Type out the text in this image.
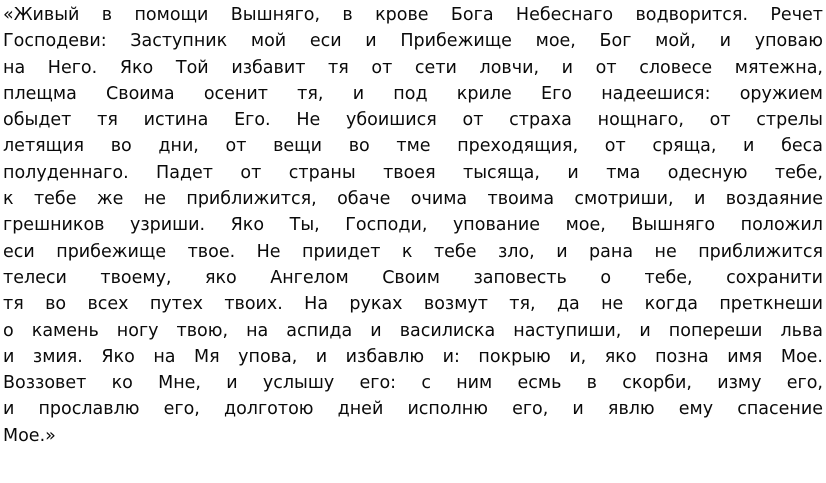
«Живый в помощи Вышняго, в крове Бога Небеснаго водворится. Речет
Господеви: Заступник мой еси и Прибежище мое, Бог мой, и уповаю
на Него. Яко Той избавит тя от сети ловчи, и от словесе мятежна,
плещма Своима осенит тя, и под криле Его надеешися: оружием
обыдет тя истина Его. Не убоишися от страха нощнаго, от стрелы
летящия во дни, от вещи во тме преходящия, от сряща, и беса
полуденнаго. Падет от страны твоея тысяща, и тма одесную тебе,
к тебе же не приближится, обаче очима твоима смотриши, и воздаяние
грешников узриши. Яко Ты, Господи, упование мое, Вышняго положил
еси прибежище твое. Не приидет к тебе зло, и рана не приближится
телеси твоему, яко Ангелом Своим заповесть о тебе, сохранити
тя во всех путех твоих. На руках возмут тя, да не когда преткнеши
о камень ногу твою, на аспида и василиска наступиши, и попереши льва
и змия. Яко на Мя упова, и избавлю и: покрыю и, яко позна имя Мое.
Воззовет ко Мне, и услышу его: с ним есмь в скорби, изму его,
и прославлю его, долготою дней исполню его, и явлю ему спасение
Мое.»
